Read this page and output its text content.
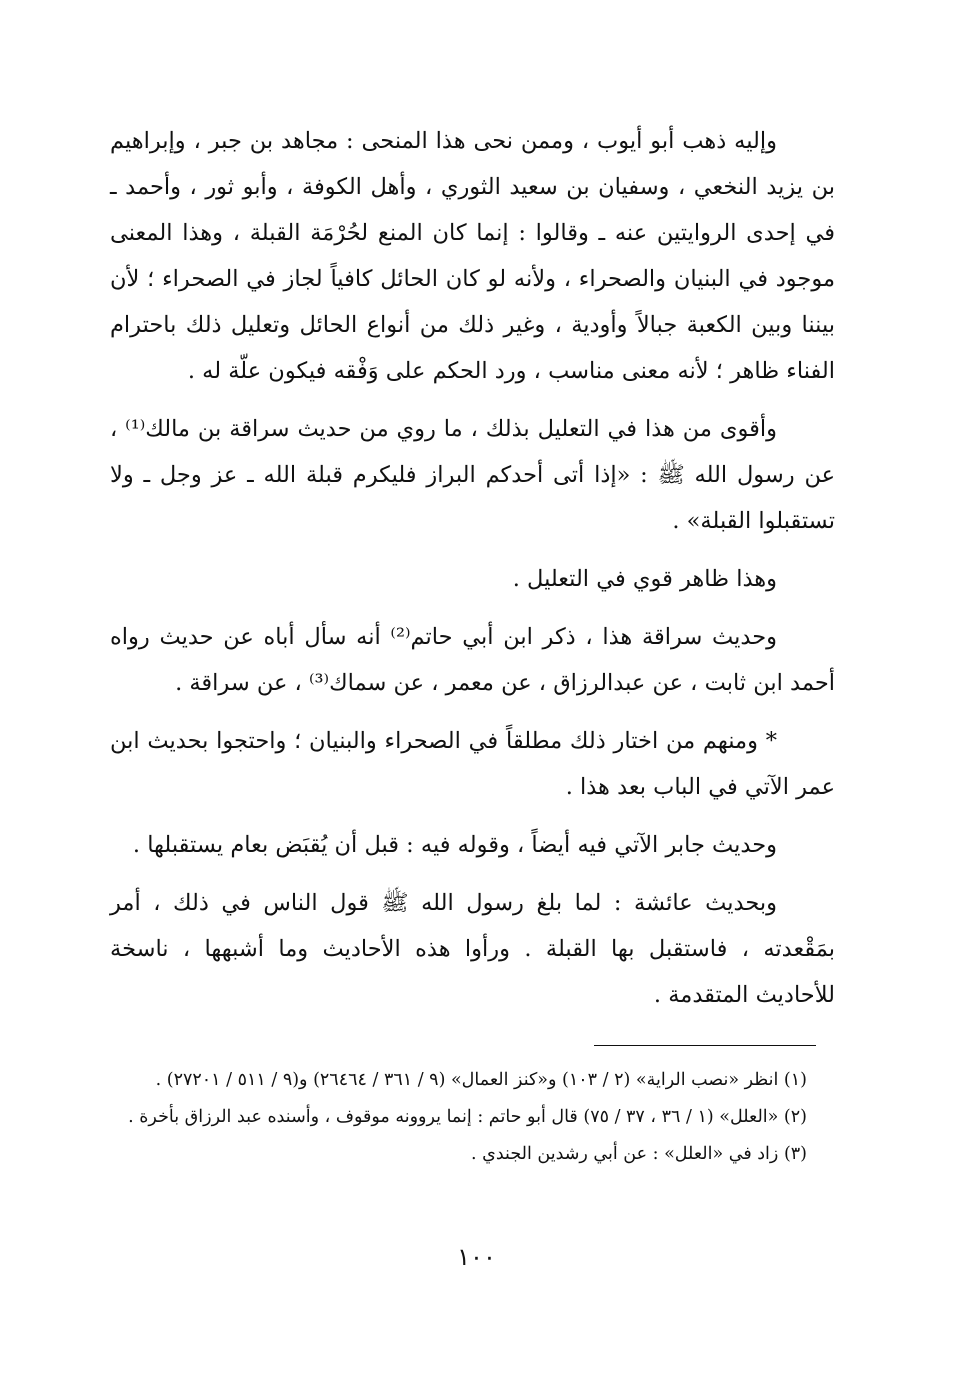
وإليه ذهب أبو أيوب ، وممن نحى هذا المنحى : مجاهد بن جبر ، وإبراهيم بن يزيد النخعي ، وسفيان بن سعيد الثوري ، وأهل الكوفة ، وأبو ثور ، وأحمد ـ في إحدى الروايتين عنه ـ وقالوا : إنما كان المنع لحُرْمَة القبلة ، وهذا المعنى موجود في البنيان والصحراء ، ولأنه لو كان الحائل كافياً لجاز في الصحراء ؛ لأن بيننا وبين الكعبة جبالاً وأودية ، وغير ذلك من أنواع الحائل وتعليل ذلك باحترام الفناء ظاهر ؛ لأنه معنى مناسب ، ورد الحكم على وَفْقه فيكون علّة له .

وأقوى من هذا في التعليل بذلك ، ما روي من حديث سراقة بن مالك⁽¹⁾ ، عن رسول الله ﷺ : «إذا أتى أحدكم البراز فليكرم قبلة الله ـ عز وجل ـ ولا تستقبلوا القبلة» .

وهذا ظاهر قوي في التعليل .

وحديث سراقة هذا ، ذكر ابن أبي حاتم⁽²⁾ أنه سأل أباه عن حديث رواه أحمد ابن ثابت ، عن عبدالرزاق ، عن معمر ، عن سماك⁽³⁾ ، عن سراقة .

* ومنهم من اختار ذلك مطلقاً في الصحراء والبنيان ؛ واحتجوا بحديث ابن عمر الآتي في الباب بعد هذا .

وحديث جابر الآتي فيه أيضاً ، وقوله فيه : قبل أن يُقبَض بعام يستقبلها .

وبحديث عائشة : لما بلغ رسول الله ﷺ قول الناس في ذلك ، أمر بمَقْعدته ، فاستقبل بها القبلة . ورأوا هذه الأحاديث وما أشبهها ، ناسخة للأحاديث المتقدمة .

(١) انظر «نصب الراية» (٢ / ١٠٣) و«كنز العمال» (٩ / ٣٦١ / ٢٦٤٦٤) و(٩ / ٥١١ / ٢٧٢٠١) .

(٢) «العلل» (١ / ٣٦ ، ٣٧ / ٧٥) قال أبو حاتم : إنما يروونه موقوف ، وأسنده عبد الرزاق بأخرة .

(٣) زاد في «العلل» : عن أبي رشدين الجندي .

١٠٠
